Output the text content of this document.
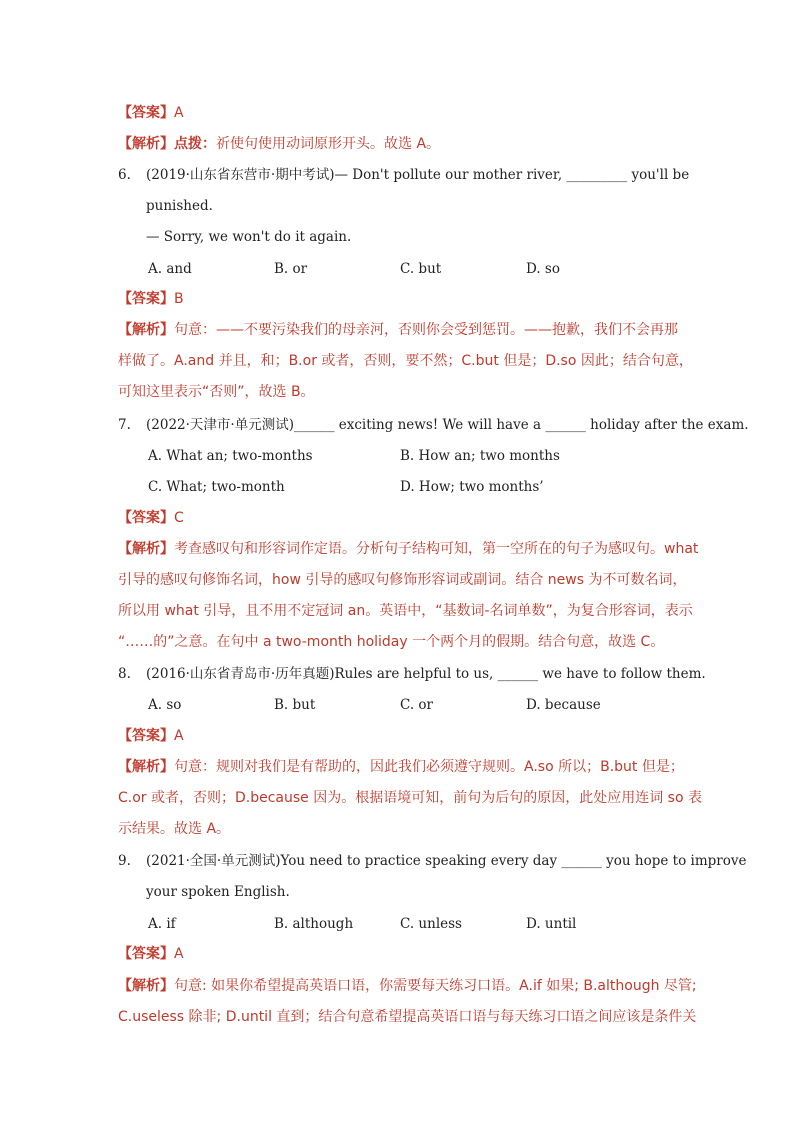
【答案】A
【解析】点拨：祈使句使用动词原形开头。故选 A。
6. (2019·山东省东营市·期中考试)— Don't pollute our mother river, _________ you'll be
punished.
— Sorry, we won't do it again.
A. and	B. or	C. but	D. so
【答案】B
【解析】句意：——不要污染我们的母亲河，否则你会受到惩罚。——抱歉，我们不会再那
样做了。A.and 并且，和；B.or 或者，否则，要不然；C.but 但是；D.so 因此；结合句意，
可知这里表示“否则”，故选 B。
7. (2022·天津市·单元测试)______ exciting news! We will have a ______ holiday after the exam.
A. What an; two-months	B. How an; two months
C. What; two-month	D. How; two months’
【答案】C
【解析】考查感叹句和形容词作定语。分析句子结构可知，第一空所在的句子为感叹句。what
引导的感叹句修饰名词，how 引导的感叹句修饰形容词或副词。结合 news 为不可数名词，
所以用 what 引导，且不用不定冠词 an。英语中，“基数词-名词单数”，为复合形容词，表示
“……的”之意。在句中 a two-month holiday 一个两个月的假期。结合句意，故选 C。
8. (2016·山东省青岛市·历年真题)Rules are helpful to us, ______ we have to follow them.
A. so	B. but	C. or	D. because
【答案】A
【解析】句意：规则对我们是有帮助的，因此我们必须遵守规则。A.so 所以；B.but 但是；
C.or 或者，否则；D.because 因为。根据语境可知，前句为后句的原因，此处应用连词 so 表
示结果。故选 A。
9. (2021·全国·单元测试)You need to practice speaking every day ______ you hope to improve
your spoken English.
A. if	B. although	C. unless	D. until
【答案】A
【解析】句意: 如果你希望提高英语口语，你需要每天练习口语。A.if 如果; B.although 尽管;
C.useless 除非; D.until 直到；结合句意希望提高英语口语与每天练习口语之间应该是条件关
